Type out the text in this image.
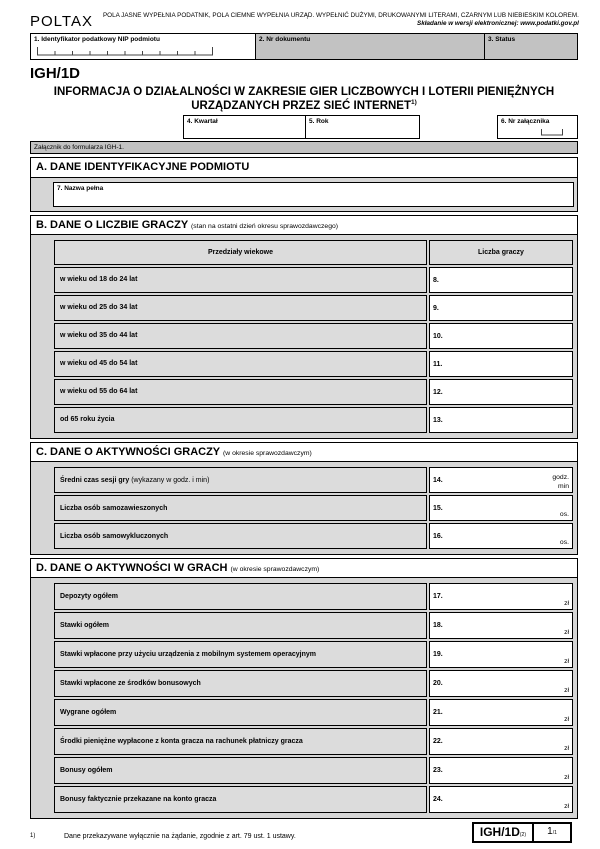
POLTAX POLA JASNE WYPEŁNIA PODATNIK, POLA CIEMNE WYPEŁNIA URZĄD. WYPEŁNIĆ DUŻYMI, DRUKOWANYMI LITERAMI, CZARNYM LUB NIEBIESKIM KOLOREM.
Składanie w wersji elektronicznej: www.podatki.gov.pl
1. Identyfikator podatkowy NIP podmiotu	2. Nr dokumentu	3. Status
IGH/1D
INFORMACJA O DZIAŁALNOŚCI W ZAKRESIE GIER LICZBOWYCH I LOTERII PIENIĘŻNYCH
URZĄDZANYCH PRZEZ SIEĆ INTERNET$^{1)}$
4. Kwartał	5. Rok	6. Nr załącznika
Załącznik do formularza IGH-1.
A. DANE IDENTYFIKACYJNE PODMIOTU
7. Nazwa pełna
B. DANE O LICZBIE GRACZY (stan na ostatni dzień okresu sprawozdawczego)
Przedziały wiekowe	Liczba graczy
w wieku od 18 do 24 lat	8.
w wieku od 25 do 34 lat	9.
w wieku od 35 do 44 lat	10.
w wieku od 45 do 54 lat	11.
w wieku od 55 do 64 lat	12.
od 65 roku życia	13.
C. DANE O AKTYWNOŚCI GRACZY (w okresie sprawozdawczym)
Średni czas sesji gry (wykazany w godz. i min)	14. godz.
min

Liczba osób samozawieszonych	15.
os.

Liczba osób samowykluczonych	16.
os.
D. DANE O AKTYWNOŚCI W GRACH (w okresie sprawozdawczym)
Depozyty ogółem	17.
zł

Stawki ogółem	18.
zł

Stawki wpłacone przy użyciu urządzenia z mobilnym systemem operacyjnym	19.
zł

Stawki wpłacone ze środków bonusowych	20.
zł

Wygrane ogółem	21.
zł

Środki pieniężne wypłacone z konta gracza na rachunek płatniczy gracza	22.
zł

Bonusy ogółem	23.
zł

Bonusy faktycznie przekazane na konto gracza	24.
zł
1)	Dane przekazywane wyłącznie na żądanie, zgodnie z art. 79 ust. 1 ustawy.	IGH/1D(2)	1/1
